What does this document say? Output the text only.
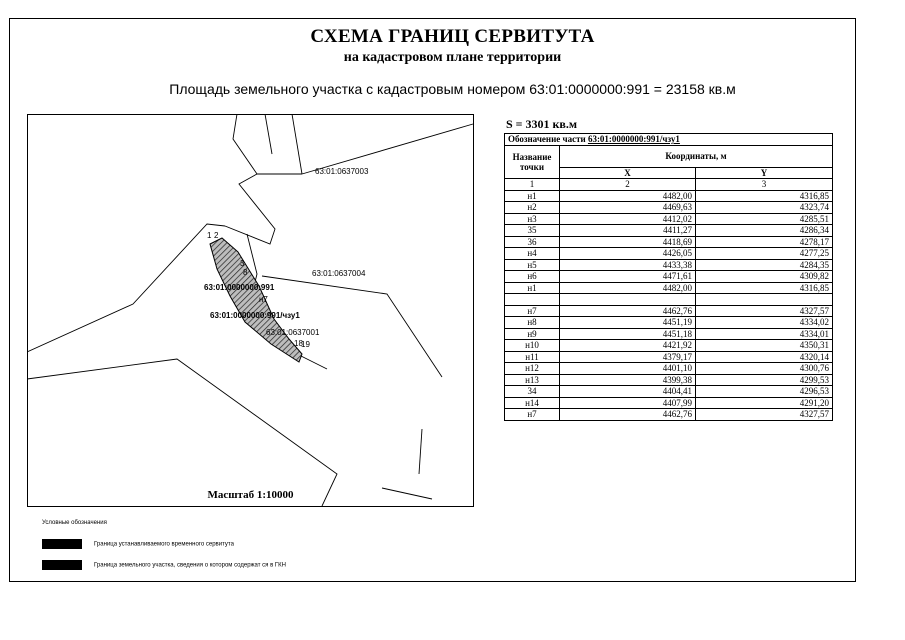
СХЕМА ГРАНИЦ СЕРВИТУТА
на кадастровом плане территории
Площадь земельного участка с кадастровым номером 63:01:0000000:991 = 23158 кв.м
63:01:0637003
63:01:0637004
63:01:0000000:991
63:01:0000000:991/чзу1
63:01:0637001
1 2
3
8
н7
18
19
Масштаб 1:10000
S = 3301 кв.м
Обозначение части 63:01:0000000:991/чзу1		
Название точки	Координаты, м	
	X	Y
1	2	3
н1	4482,00	4316,85
н2	4469,63	4323,74
н3	4412,02	4285,51
35	4411,27	4286,34
36	4418,69	4278,17
н4	4426,05	4277,25
н5	4433,38	4284,35
н6	4471,61	4309,82
н1	4482,00	4316,85

н7	4462,76	4327,57
н8	4451,19	4334,02
н9	4451,18	4334,01
н10	4421,92	4350,31
н11	4379,17	4320,14
н12	4401,10	4300,76
н13	4399,38	4299,53
34	4404,41	4296,53
н14	4407,99	4291,20
н7	4462,76	4327,57
Условные обозначения
Граница устанавливаемого временного сервитута
Граница земельного участка, сведения о котором содержат ся в ГКН
